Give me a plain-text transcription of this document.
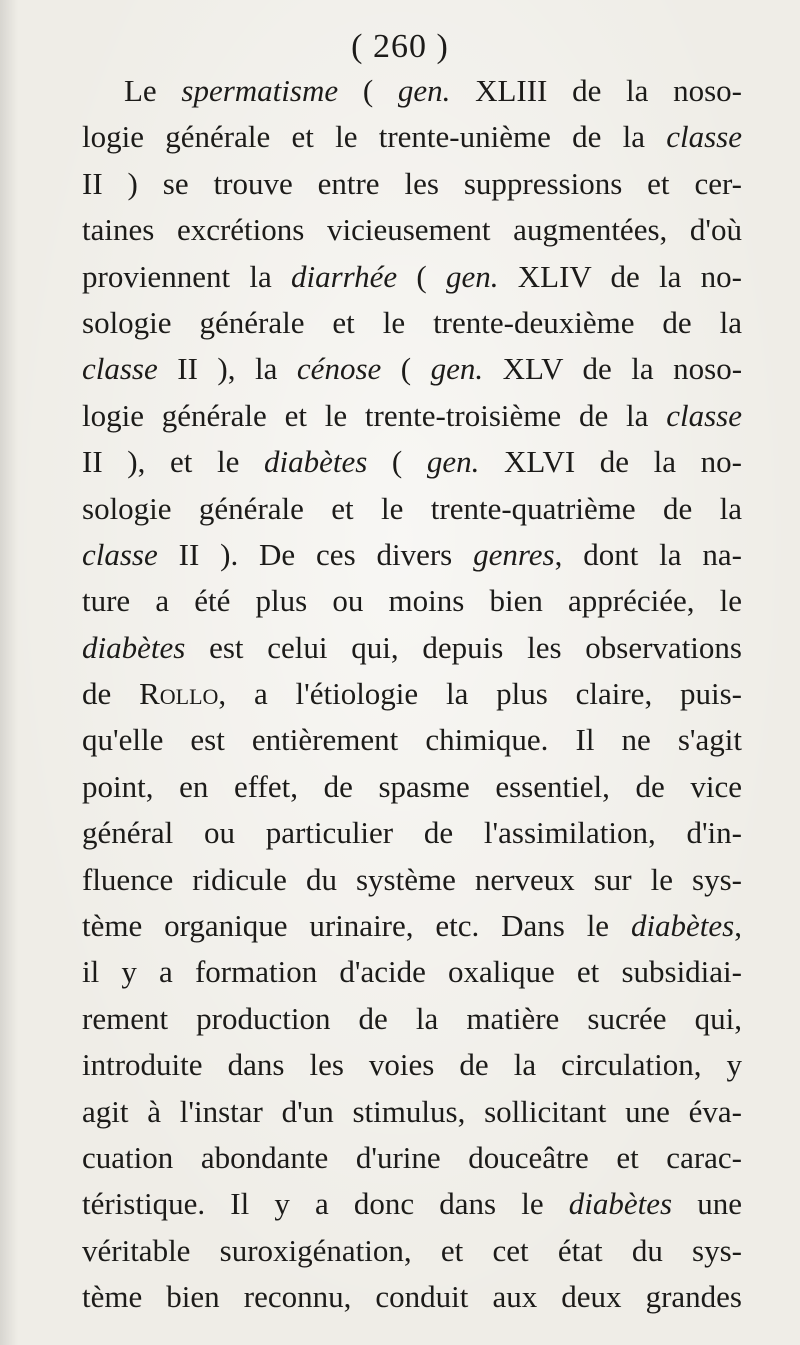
( 260 )
Le spermatisme ( gen. XLIII de la noso-
logie générale et le trente-unième de la classe
II ) se trouve entre les suppressions et cer-
taines excrétions vicieusement augmentées, d'où
proviennent la diarrhée ( gen. XLIV de la no-
sologie générale et le trente-deuxième de la
classe II ), la cénose ( gen. XLV de la noso-
logie générale et le trente-troisième de la classe
II ), et le diabètes ( gen. XLVI de la no-
sologie générale et le trente-quatrième de la
classe II ). De ces divers genres, dont la na-
ture a été plus ou moins bien appréciée, le
diabètes est celui qui, depuis les observations
de Rollo, a l'étiologie la plus claire, puis-
qu'elle est entièrement chimique. Il ne s'agit
point, en effet, de spasme essentiel, de vice
général ou particulier de l'assimilation, d'in-
fluence ridicule du système nerveux sur le sys-
tème organique urinaire, etc. Dans le diabètes,
il y a formation d'acide oxalique et subsidiai-
rement production de la matière sucrée qui,
introduite dans les voies de la circulation, y
agit à l'instar d'un stimulus, sollicitant une éva-
cuation abondante d'urine douceâtre et carac-
téristique. Il y a donc dans le diabètes une
véritable suroxigénation, et cet état du sys-
tème bien reconnu, conduit aux deux grandes
